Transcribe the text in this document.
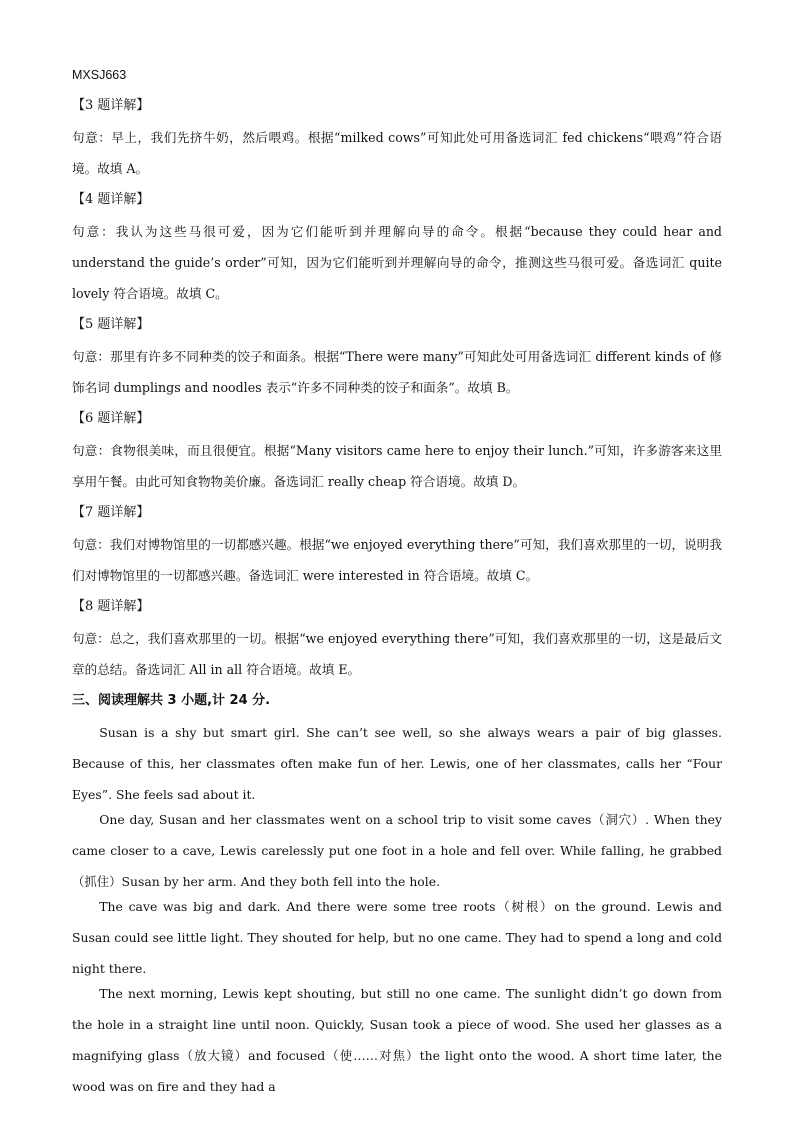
MXSJ663
【3 题详解】
句意：早上，我们先挤牛奶，然后喂鸡。根据“milked cows”可知此处可用备选词汇 fed chickens“喂鸡”符合语境。故填 A。
【4 题详解】
句意：我认为这些马很可爱，因为它们能听到并理解向导的命令。根据“because they could hear and understand the guide’s order”可知，因为它们能听到并理解向导的命令，推测这些马很可爱。备选词汇 quite lovely 符合语境。故填 C。
【5 题详解】
句意：那里有许多不同种类的饺子和面条。根据“There were many”可知此处可用备选词汇 different kinds of 修饰名词 dumplings and noodles 表示“许多不同种类的饺子和面条”。故填 B。
【6 题详解】
句意：食物很美味，而且很便宜。根据“Many visitors came here to enjoy their lunch.”可知，许多游客来这里享用午餐。由此可知食物物美价廉。备选词汇 really cheap 符合语境。故填 D。
【7 题详解】
句意：我们对博物馆里的一切都感兴趣。根据“we enjoyed everything there”可知，我们喜欢那里的一切，说明我们对博物馆里的一切都感兴趣。备选词汇 were interested in 符合语境。故填 C。
【8 题详解】
句意：总之，我们喜欢那里的一切。根据“we enjoyed everything there”可知，我们喜欢那里的一切，这是最后文章的总结。备选词汇 All in all 符合语境。故填 E。
三、阅读理解共 3 小题,计 24 分.

Susan is a shy but smart girl. She can’t see well, so she always wears a pair of big glasses. Because of this, her classmates often make fun of her. Lewis, one of her classmates, calls her “Four Eyes”. She feels sad about it.

One day, Susan and her classmates went on a school trip to visit some caves（洞穴）. When they came closer to a cave, Lewis carelessly put one foot in a hole and fell over. While falling, he grabbed（抓住）Susan by her arm. And they both fell into the hole.

The cave was big and dark. And there were some tree roots（树根）on the ground. Lewis and Susan could see little light. They shouted for help, but no one came. They had to spend a long and cold night there.

The next morning, Lewis kept shouting, but still no one came. The sunlight didn’t go down from the hole in a straight line until noon. Quickly, Susan took a piece of wood. She used her glasses as a magnifying glass（放大镜）and focused（使……对焦）the light onto the wood. A short time later, the wood was on fire and they had a
